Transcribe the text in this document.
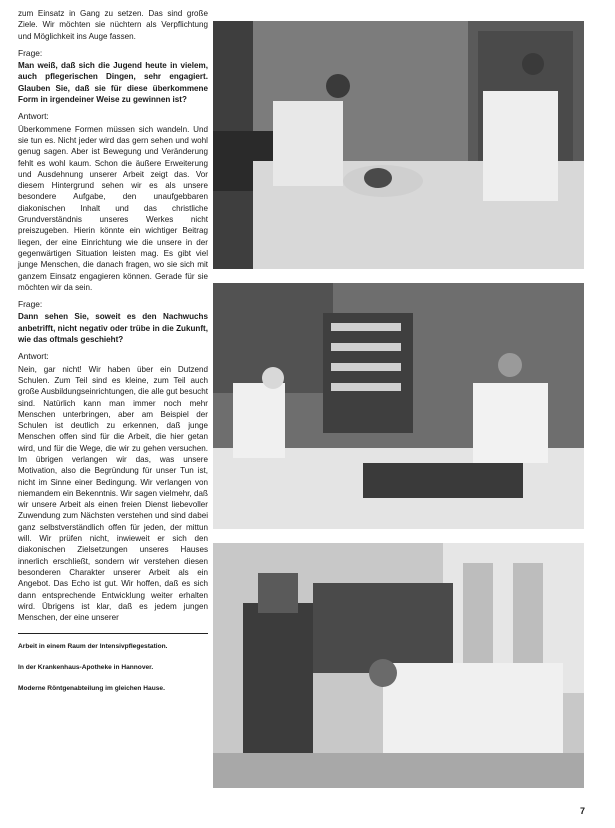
zum Einsatz in Gang zu setzen. Das sind große Ziele. Wir möchten sie nüchtern als Verpflichtung und Möglichkeit ins Auge fassen.

Frage:

Man weiß, daß sich die Jugend heute in vielem, auch pflegerischen Dingen, sehr engagiert. Glauben Sie, daß sie für diese überkommene Form in irgendeiner Weise zu gewinnen ist?

Antwort:

Überkommene Formen müssen sich wandeln. Und sie tun es. Nicht jeder wird das gern sehen und wohl genug sagen. Aber ist Bewegung und Veränderung fehlt es wohl kaum. Schon die äußere Erweiterung und Ausdehnung unserer Arbeit zeigt das. Vor diesem Hintergrund sehen wir es als unsere besondere Aufgabe, den unaufgebbaren diakonischen Inhalt und das christliche Grundverständnis unseres Werkes nicht preiszugeben. Hierin könnte ein wichtiger Beitrag liegen, der eine Einrichtung wie die unsere in der gegenwärtigen Situation leisten mag. Es gibt viel junge Menschen, die danach fragen, wo sie sich mit ganzem Einsatz engagieren können. Gerade für sie möchten wir da sein.

Frage:

Dann sehen Sie, soweit es den Nachwuchs anbetrifft, nicht negativ oder trübe in die Zukunft, wie das oftmals geschieht?

Antwort:

Nein, gar nicht! Wir haben über ein Dutzend Schulen. Zum Teil sind es kleine, zum Teil auch große Ausbildungseinrichtungen, die alle gut besucht sind. Natürlich kann man immer noch mehr Menschen unterbringen, aber am Beispiel der Schulen ist deutlich zu erkennen, daß junge Menschen offen sind für die Arbeit, die hier getan wird, und für die Wege, die wir zu gehen versuchen. Im übrigen verlangen wir das, was unsere Motivation, also die Begründung für unser Tun ist, nicht im Sinne einer Bedingung. Wir verlangen von niemandem ein Bekenntnis. Wir sagen vielmehr, daß wir unsere Arbeit als einen freien Dienst liebevoller Zuwendung zum Nächsten verstehen und sind dabei ganz selbstverständlich offen für jeden, der mittun will. Wir prüfen nicht, inwieweit er sich den diakonischen Zielsetzungen unseres Hauses innerlich erschließt, sondern wir verstehen diesen besonderen Charakter unserer Arbeit als ein Angebot. Das Echo ist gut. Wir hoffen, daß es sich dann entsprechende Entwicklung weiter erhalten wird. Übrigens ist klar, daß es jedem jungen Menschen, der eine unserer

Arbeit in einem Raum der Intensivpflegestation.
In der Krankenhaus-Apotheke in Hannover.
Moderne Röntgenabteilung im gleichen Hause.
7
